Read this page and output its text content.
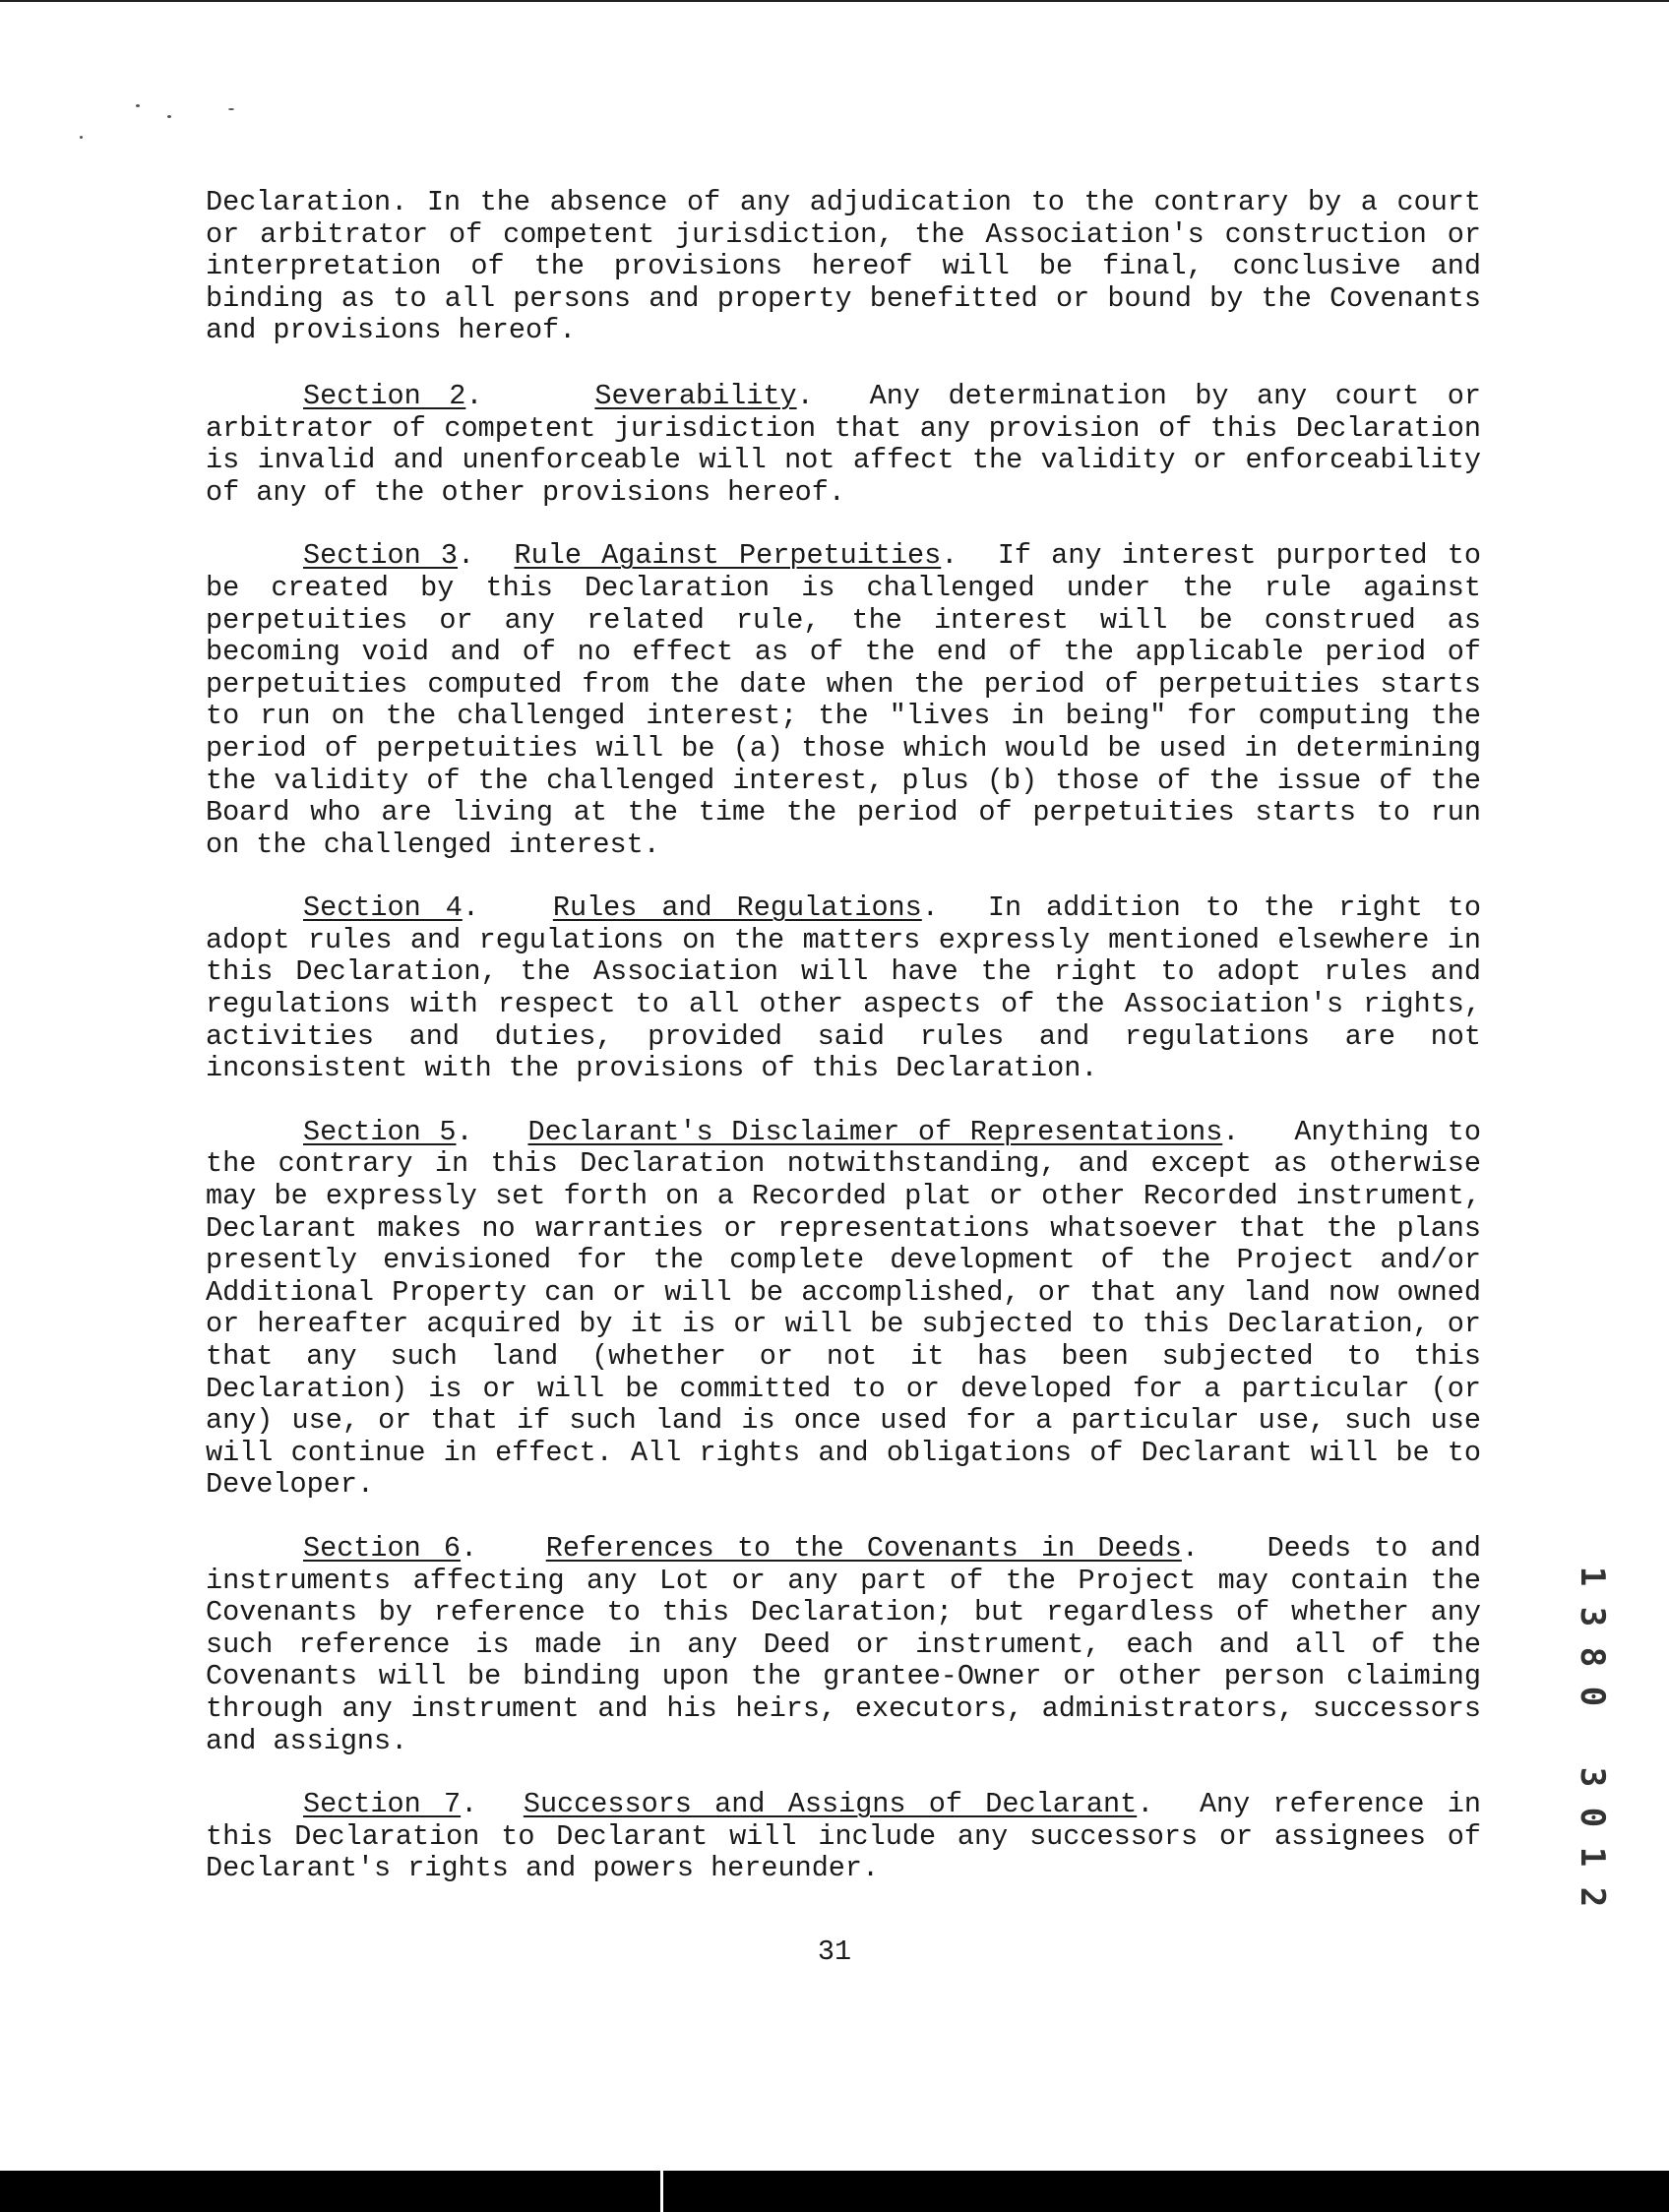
Declaration. In the absence of any adjudication to the contrary by a court or arbitrator of competent jurisdiction, the Association's construction or interpretation of the provisions hereof will be final, conclusive and binding as to all persons and property benefitted or bound by the Covenants and provisions hereof.

Section 2.    Severability.  Any determination by any court or arbitrator of competent jurisdiction that any provision of this Declaration is invalid and unenforceable will not affect the validity or enforceability of any of the other provisions hereof.

Section 3.  Rule Against Perpetuities.  If any interest purported to be created by this Declaration is challenged under the rule against perpetuities or any related rule, the interest will be construed as becoming void and of no effect as of the end of the applicable period of perpetuities computed from the date when the period of perpetuities starts to run on the challenged interest; the "lives in being" for computing the period of perpetuities will be (a) those which would be used in determining the validity of the challenged interest, plus (b) those of the issue of the Board who are living at the time the period of perpetuities starts to run on the challenged interest.

Section 4.   Rules and Regulations.  In addition to the right to adopt rules and regulations on the matters expressly mentioned elsewhere in this Declaration, the Association will have the right to adopt rules and regulations with respect to all other aspects of the Association's rights, activities and duties, provided said rules and regulations are not inconsistent with the provisions of this Declaration.

Section 5.   Declarant's Disclaimer of Representations.   Anything to the contrary in this Declaration notwithstanding, and except as otherwise may be expressly set forth on a Recorded plat or other Recorded instrument, Declarant makes no warranties or representations whatsoever that the plans presently envisioned for the complete development of the Project and/or Additional Property can or will be accomplished, or that any land now owned or hereafter acquired by it is or will be subjected to this Declaration, or that any such land (whether or not it has been subjected to this Declaration) is or will be committed to or developed for a particular (or any) use, or that if such land is once used for a particular use, such use will continue in effect. All rights and obligations of Declarant will be to Developer.

Section 6.   References to the Covenants in Deeds.   Deeds to and instruments affecting any Lot or any part of the Project may contain the Covenants by reference to this Declaration; but regardless of whether any such reference is made in any Deed or instrument, each and all of the Covenants will be binding upon the grantee-Owner or other person claiming through any instrument and his heirs, executors, administrators, successors and assigns.

Section 7.  Successors and Assigns of Declarant.  Any reference in this Declaration to Declarant will include any successors or assignees of Declarant's rights and powers hereunder.

31
1
3
8
0

3
0
1
2
